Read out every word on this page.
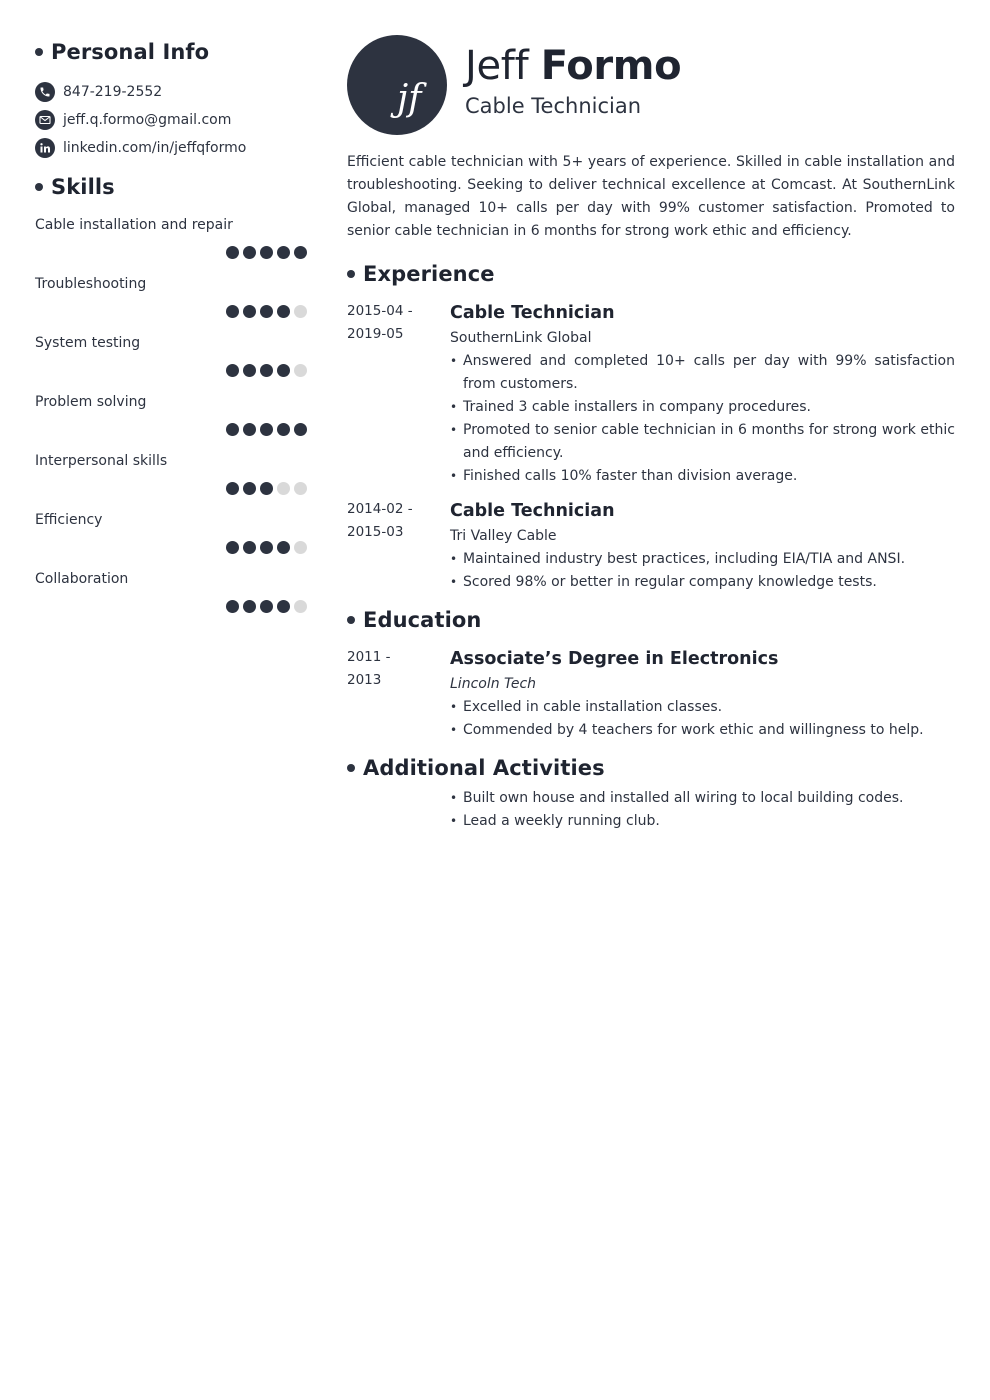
Personal Info
847-219-2552
jeff.q.formo@gmail.com
linkedin.com/in/jeffqformo
Skills
Cable installation and repair
Troubleshooting
System testing
Problem solving
Interpersonal skills
Efficiency
Collaboration
jf
Jeff Formo
Cable Technician

Efficient cable technician with 5+ years of experience. Skilled in cable installation and troubleshooting. Seeking to deliver technical excellence at Comcast. At SouthernLink Global, managed 10+ calls per day with 99% customer satisfaction. Promoted to senior cable technician in 6 months for strong work ethic and efficiency.

Experience
2015-04 -
2019-05
Cable Technician
SouthernLink Global
• Answered and completed 10+ calls per day with 99% satisfaction from customers.
• Trained 3 cable installers in company procedures.
• Promoted to senior cable technician in 6 months for strong work ethic and efficiency.
• Finished calls 10% faster than division average.
2014-02 -
2015-03
Cable Technician
Tri Valley Cable
• Maintained industry best practices, including EIA/TIA and ANSI.
• Scored 98% or better in regular company knowledge tests.
Education
2011 -
2013
Associate’s Degree in Electronics
Lincoln Tech
• Excelled in cable installation classes.
• Commended by 4 teachers for work ethic and willingness to help.
Additional Activities
• Built own house and installed all wiring to local building codes.
• Lead a weekly running club.
